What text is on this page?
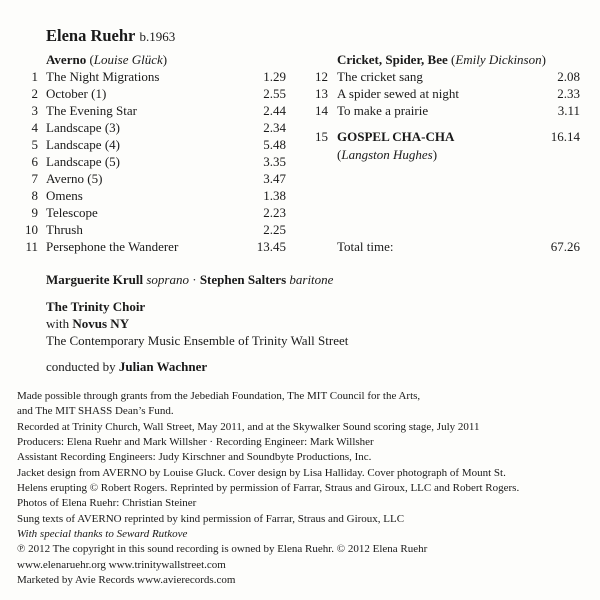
Elena Ruehr b.1963
Averno (Louise Glück)
1 The Night Migrations	1.29
2 October (1)	2.55
3 The Evening Star	2.44
4 Landscape (3)	2.34
5 Landscape (4)	5.48
6 Landscape (5)	3.35
7 Averno (5)	3.47
8 Omens	1.38
9 Telescope	2.23
10 Thrush	2.25
11 Persephone the Wanderer	13.45
Cricket, Spider, Bee (Emily Dickinson)
12 The cricket sang	2.08
13 A spider sewed at night	2.33
14 To make a prairie	3.11
15 GOSPEL CHA-CHA	16.14
(Langston Hughes)
Total time:	67.26
Marguerite Krull soprano · Stephen Salters baritone
The Trinity Choir
with Novus NY
The Contemporary Music Ensemble of Trinity Wall Street
conducted by Julian Wachner
Made possible through grants from the Jebediah Foundation, The MIT Council for the Arts,
and The MIT SHASS Dean’s Fund.
Recorded at Trinity Church, Wall Street, May 2011, and at the Skywalker Sound scoring stage, July 2011
Producers: Elena Ruehr and Mark Willsher · Recording Engineer: Mark Willsher
Assistant Recording Engineers: Judy Kirschner and Soundbyte Productions, Inc.
Jacket design from AVERNO by Louise Gluck. Cover design by Lisa Halliday. Cover photograph of Mount St.
Helens erupting © Robert Rogers. Reprinted by permission of Farrar, Straus and Giroux, LLC and Robert Rogers.
Photos of Elena Ruehr: Christian Steiner
Sung texts of AVERNO reprinted by kind permission of Farrar, Straus and Giroux, LLC
With special thanks to Seward Rutkove
℗ 2012 The copyright in this sound recording is owned by Elena Ruehr. © 2012 Elena Ruehr
www.elenaruehr.org www.trinitywallstreet.com
Marketed by Avie Records www.avierecords.com
